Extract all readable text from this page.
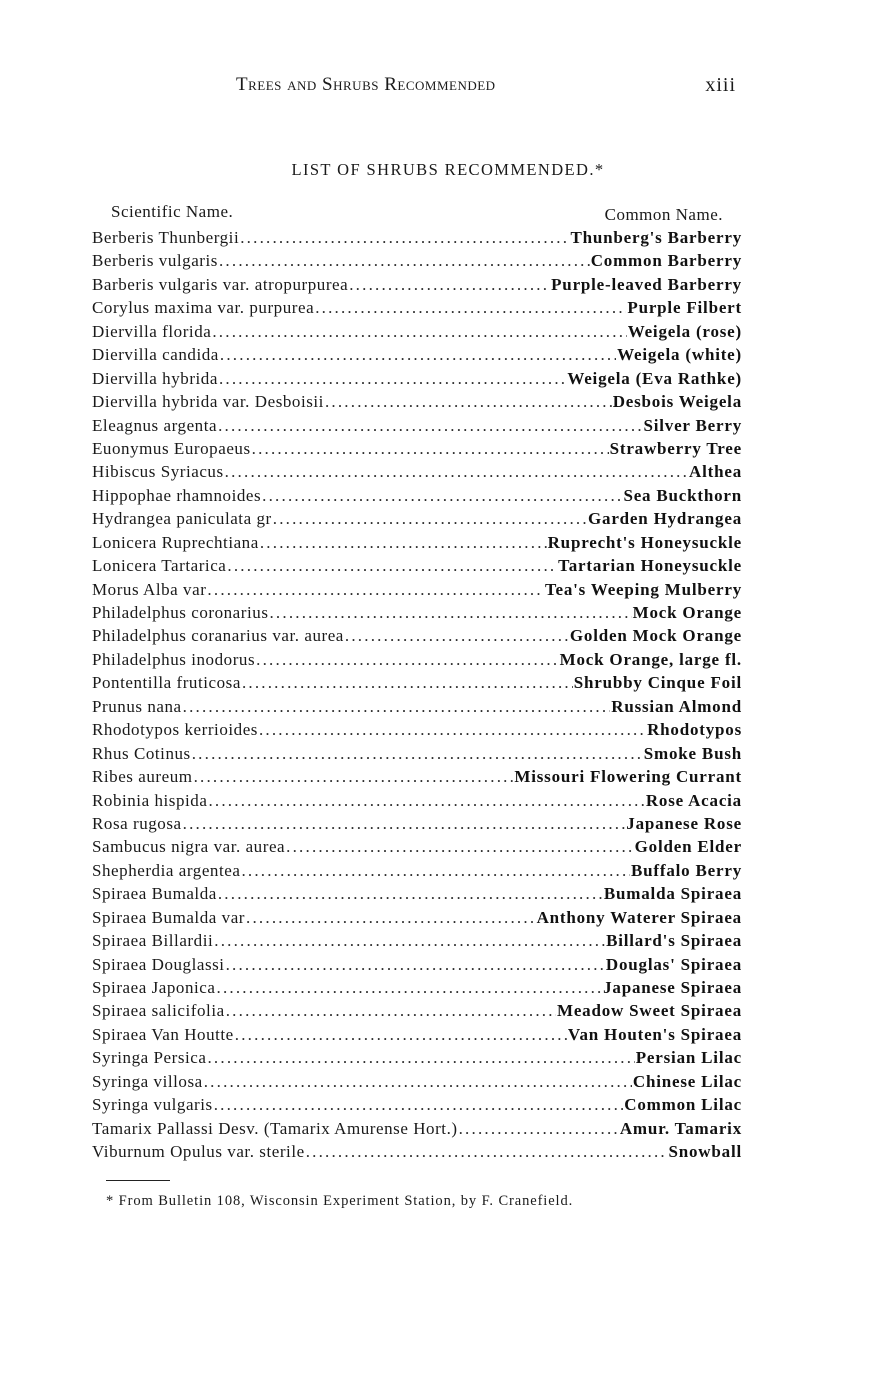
Trees and Shrubs Recommended	xiii
LIST OF SHRUBS RECOMMENDED.*
Scientific Name.	Common Name.
Berberis Thunbergii .....	Thunberg's Barberry
Berberis vulgaris .....	Common Barberry
Barberis vulgaris var. atropurpurea .....	Purple-leaved Barberry
Corylus maxima var. purpurea .....	Purple Filbert
Diervilla florida .....	Weigela (rose)
Diervilla candida .....	Weigela (white)
Diervilla hybrida .....	Weigela (Eva Rathke)
Diervilla hybrida var. Desboisii .....	Desbois Weigela
Eleagnus argenta .....	Silver Berry
Euonymus Europaeus .....	Strawberry Tree
Hibiscus Syriacus .....	Althea
Hippophae rhamnoides .....	Sea Buckthorn
Hydrangea paniculata gr .....	Garden Hydrangea
Lonicera Ruprechtiana .....	Ruprecht's Honeysuckle
Lonicera Tartarica .....	Tartarian Honeysuckle
Morus Alba var .....	Tea's Weeping Mulberry
Philadelphus coronarius .....	Mock Orange
Philadelphus coranarius var. aurea .....	Golden Mock Orange
Philadelphus inodorus .....	Mock Orange, large fl.
Pontentilla fruticosa .....	Shrubby Cinque Foil
Prunus nana .....	Russian Almond
Rhodotypos kerrioides .....	Rhodotypos
Rhus Cotinus .....	Smoke Bush
Ribes aureum .....	Missouri Flowering Currant
Robinia hispida .....	Rose Acacia
Rosa rugosa .....	Japanese Rose
Sambucus nigra var. aurea .....	Golden Elder
Shepherdia argentea .....	Buffalo Berry
Spiraea Bumalda .....	Bumalda Spiraea
Spiraea Bumalda var .....	Anthony Waterer Spiraea
Spiraea Billardii .....	Billard's Spiraea
Spiraea Douglassi .....	Douglas' Spiraea
Spiraea Japonica .....	Japanese Spiraea
Spiraea salicifolia .....	Meadow Sweet Spiraea
Spiraea Van Houtte .....	Van Houten's Spiraea
Syringa Persica .....	Persian Lilac
Syringa villosa .....	Chinese Lilac
Syringa vulgaris .....	Common Lilac
Tamarix Pallassi Desv. (Tamarix Amurense Hort.) .....	Amur. Tamarix
Viburnum Opulus var. sterile .....	Snowball
* From Bulletin 108, Wisconsin Experiment Station, by F. Cranefield.
